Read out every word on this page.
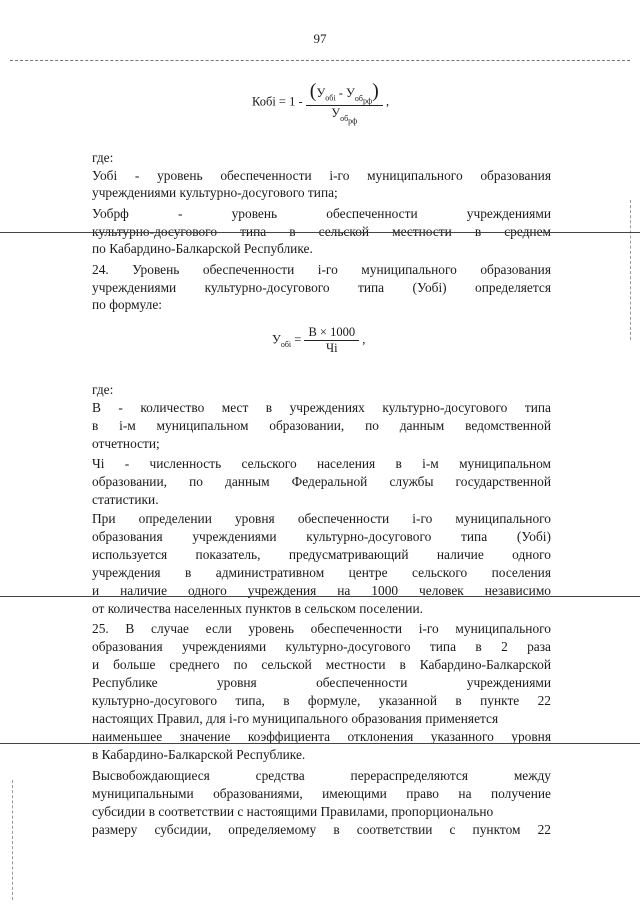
97
Кобі = $1 - \frac{(У_{обі} - У_{об_{рф}})}{У_{об_{рф}}}$ ,
где:
Уобі - уровень обеспеченности і-го муниципального образования
учреждениями культурно-досугового типа;
Уобрф - уровень обеспеченности учреждениями
культурно-досугового типа в сельской местности в среднем
по Кабардино-Балкарской Республике.
24. Уровень обеспеченности і-го муниципального образования
учреждениями культурно-досугового типа (Уобі) определяется
по формуле:
$У_{обі} = \frac{В \times 1000}{Чі}$ ,
где:
В - количество мест в учреждениях культурно-досугового типа
в і-м муниципальном образовании, по данным ведомственной
отчетности;
Чі - численность сельского населения в і-м муниципальном
образовании, по данным Федеральной службы государственной
статистики.
При определении уровня обеспеченности і-го муниципального
образования учреждениями культурно-досугового типа (Уобі)
используется показатель, предусматривающий наличие одного
учреждения в административном центре сельского поселения
и наличие одного учреждения на 1000 человек независимо
от количества населенных пунктов в сельском поселении.
25. В случае если уровень обеспеченности і-го муниципального
образования учреждениями культурно-досугового типа в 2 раза
и больше среднего по сельской местности в Кабардино-Балкарской
Республике уровня обеспеченности учреждениями
культурно-досугового типа, в формуле, указанной в пункте 22
настоящих Правил, для і-го муниципального образования применяется
наименьшее значение коэффициента отклонения указанного уровня
в Кабардино-Балкарской Республике.
Высвобождающиеся средства перераспределяются между
муниципальными образованиями, имеющими право на получение
субсидии в соответствии с настоящими Правилами, пропорционально
размеру субсидии, определяемому в соответствии с пунктом 22
